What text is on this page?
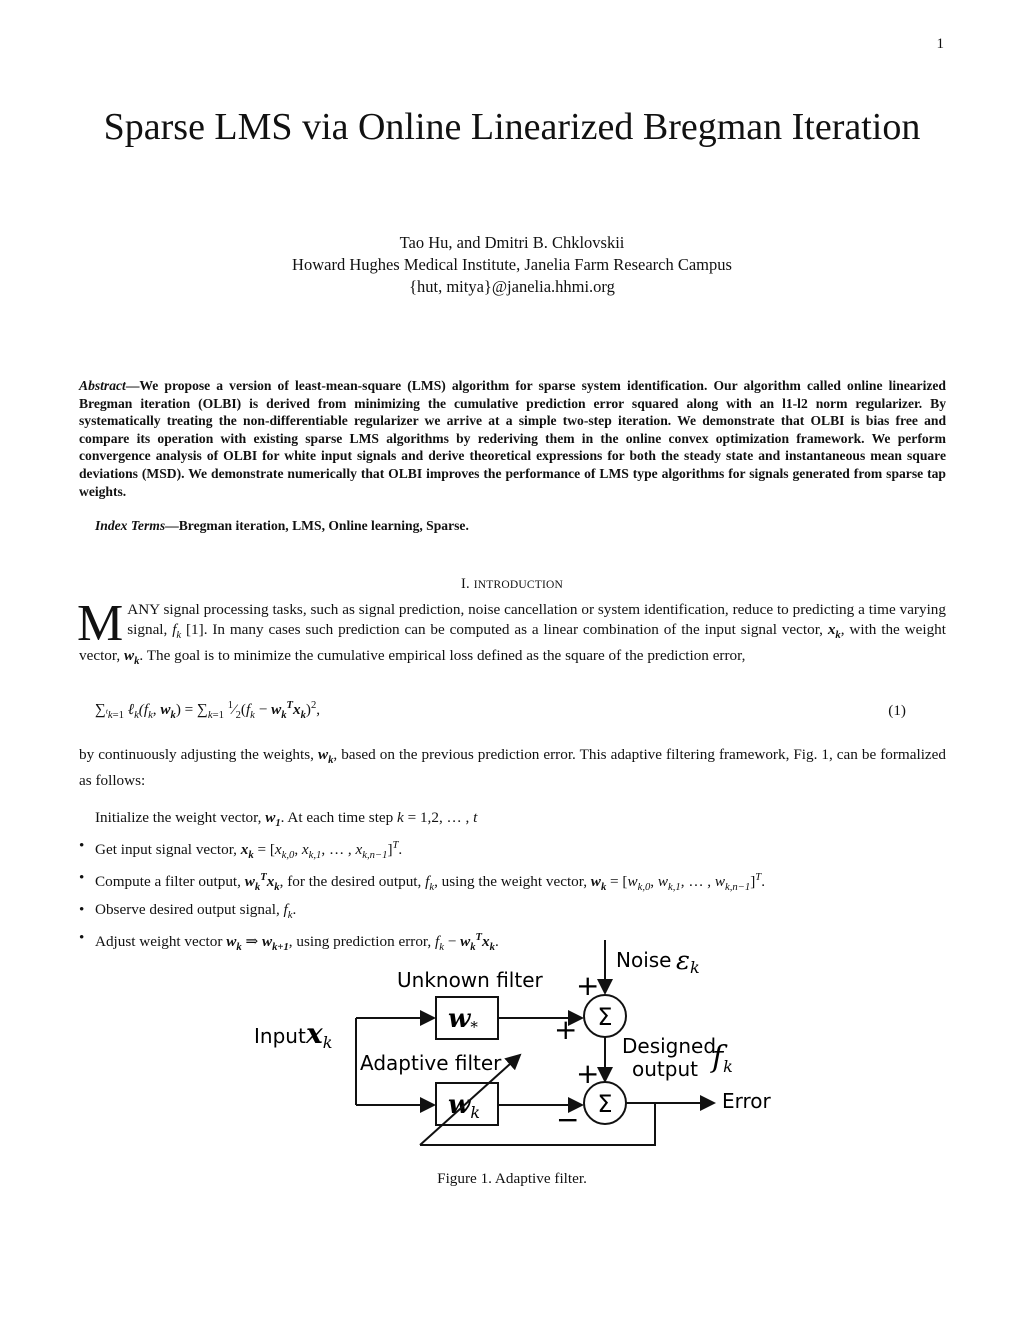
1
Sparse LMS via Online Linearized Bregman Iteration
Tao Hu, and Dmitri B. Chklovskii
Howard Hughes Medical Institute, Janelia Farm Research Campus
{hut, mitya}@janelia.hhmi.org
Abstract—We propose a version of least-mean-square (LMS) algorithm for sparse system identification. Our algorithm called online linearized Bregman iteration (OLBI) is derived from minimizing the cumulative prediction error squared along with an l1-l2 norm regularizer. By systematically treating the non-differentiable regularizer we arrive at a simple two-step iteration. We demonstrate that OLBI is bias free and compare its operation with existing sparse LMS algorithms by rederiving them in the online convex optimization framework. We perform convergence analysis of OLBI for white input signals and derive theoretical expressions for both the steady state and instantaneous mean square deviations (MSD). We demonstrate numerically that OLBI improves the performance of LMS type algorithms for signals generated from sparse tap weights.
Index Terms—Bregman iteration, LMS, Online learning, Sparse.
I. INTRODUCTION
MANY signal processing tasks, such as signal prediction, noise cancellation or system identification, reduce to predicting a time varying signal, $f_k$ [1]. In many cases such prediction can be computed as a linear combination of the input signal vector, $x_k$, with the weight vector, $w_k$. The goal is to minimize the cumulative empirical loss defined as the square of the prediction error,
$\sum_{^tk=1}$ $\ell_k(f_k$, $w_k) = \sum_{k=1}$ $^1⁄_2(f_k - w_k^Tx_k)^2$,	(1)
by continuously adjusting the weights, $w_k$, based on the previous prediction error. This adaptive filtering framework, Fig. 1, can be formalized as follows:
Initialize the weight vector, $w_1$. At each time step k = 1,2, … , t
• Get input signal vector, $x_k = [x_{k,0}$, $x_{k,1}$, … , $x_{k,n-1}]^T$.
• Compute a filter output, $w_k^Tx_k$, for the desired output, $f_k$, using the weight vector, $w_k = [w_{k,0}$, $w_{k,1}$, … , $w_{k,n-1}]^T$.
• Observe desired output signal, $f_k$.
• Adjust weight vector $w_k$ ⇒ $w_{k+1}$, using prediction error, $f_k - w_k^Tx_k$.
Noise εk
Unknown filter
w*	Σ
+
+
Input xk	Designed
output fk
Adaptive filter
wk	Σ
+
−
Error
Figure 1. Adaptive filter.
